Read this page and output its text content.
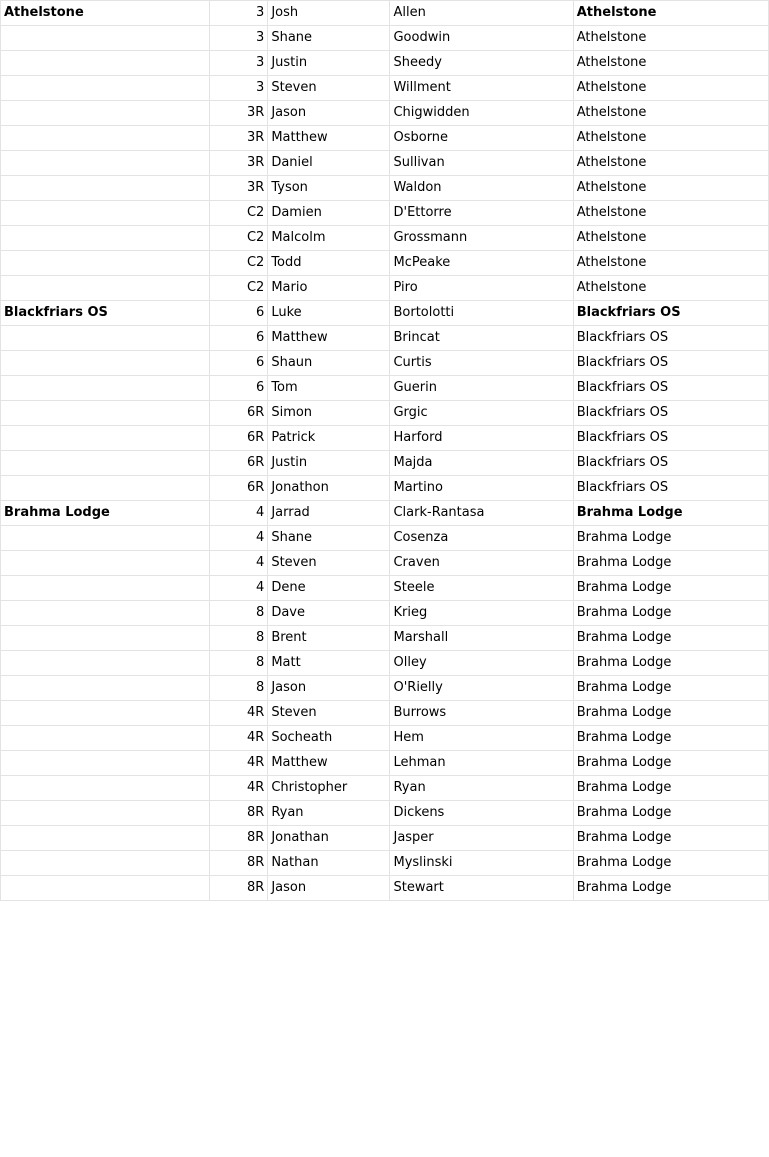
Athelstone	3	Josh	Allen	Athelstone
	3	Shane	Goodwin	Athelstone
	3	Justin	Sheedy	Athelstone
	3	Steven	Willment	Athelstone
	3R	Jason	Chigwidden	Athelstone
	3R	Matthew	Osborne	Athelstone
	3R	Daniel	Sullivan	Athelstone
	3R	Tyson	Waldon	Athelstone
	C2	Damien	D'Ettorre	Athelstone
	C2	Malcolm	Grossmann	Athelstone
	C2	Todd	McPeake	Athelstone
	C2	Mario	Piro	Athelstone
Blackfriars OS	6	Luke	Bortolotti	Blackfriars OS
	6	Matthew	Brincat	Blackfriars OS
	6	Shaun	Curtis	Blackfriars OS
	6	Tom	Guerin	Blackfriars OS
	6R	Simon	Grgic	Blackfriars OS
	6R	Patrick	Harford	Blackfriars OS
	6R	Justin	Majda	Blackfriars OS
	6R	Jonathon	Martino	Blackfriars OS
Brahma Lodge	4	Jarrad	Clark-Rantasa	Brahma Lodge
	4	Shane	Cosenza	Brahma Lodge
	4	Steven	Craven	Brahma Lodge
	4	Dene	Steele	Brahma Lodge
	8	Dave	Krieg	Brahma Lodge
	8	Brent	Marshall	Brahma Lodge
	8	Matt	Olley	Brahma Lodge
	8	Jason	O'Rielly	Brahma Lodge
	4R	Steven	Burrows	Brahma Lodge
	4R	Socheath	Hem	Brahma Lodge
	4R	Matthew	Lehman	Brahma Lodge
	4R	Christopher	Ryan	Brahma Lodge
	8R	Ryan	Dickens	Brahma Lodge
	8R	Jonathan	Jasper	Brahma Lodge
	8R	Nathan	Myslinski	Brahma Lodge
	8R	Jason	Stewart	Brahma Lodge
